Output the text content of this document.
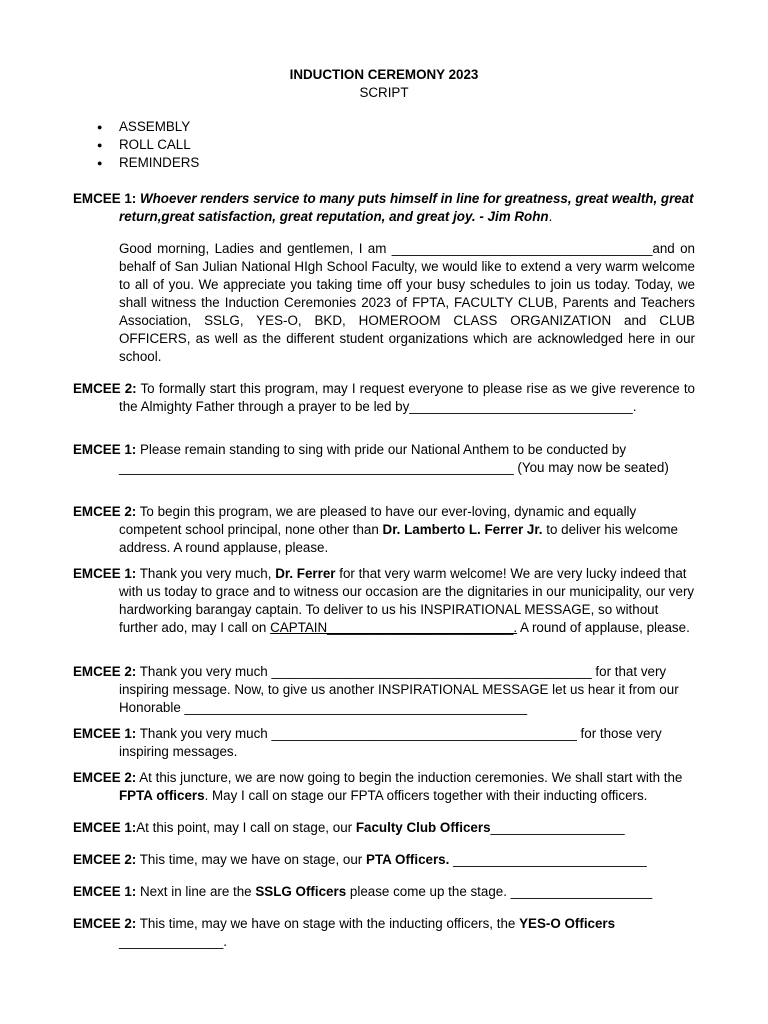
INDUCTION CEREMONY 2023

SCRIPT

● ASSEMBLY
● ROLL CALL
● REMINDERS

EMCEE 1: Whoever renders service to many puts himself in line for greatness, great wealth, great return,great satisfaction, great reputation, and great joy. - Jim Rohn.

Good morning, Ladies and gentlemen, I am ___________________________________and on behalf of San Julian National HIgh School Faculty, we would like to extend a very warm welcome to all of you. We appreciate you taking time off your busy schedules to join us today. Today, we shall witness the Induction Ceremonies 2023 of FPTA, FACULTY CLUB, Parents and Teachers Association, SSLG, YES-O, BKD, HOMEROOM CLASS ORGANIZATION and CLUB OFFICERS, as well as the different student organizations which are acknowledged here in our school.

EMCEE 2: To formally start this program, may I request everyone to please rise as we give reverence to the Almighty Father through a prayer to be led by______________________________.

EMCEE 1: Please remain standing to sing with pride our National Anthem to be conducted by _____________________________________________________ (You may now be seated)

EMCEE 2: To begin this program, we are pleased to have our ever-loving, dynamic and equally competent school principal, none other than Dr. Lamberto L. Ferrer Jr. to deliver his welcome address. A round applause, please.

EMCEE 1: Thank you very much, Dr. Ferrer for that very warm welcome! We are very lucky indeed that with us today to grace and to witness our occasion are the dignitaries in our municipality, our very hardworking barangay captain. To deliver to us his INSPIRATIONAL MESSAGE, so without further ado, may I call on CAPTAIN_________________________. A round of applause, please.

EMCEE 2: Thank you very much ___________________________________________ for that very inspiring message. Now, to give us another INSPIRATIONAL MESSAGE let us hear it from our Honorable ______________________________________________

EMCEE 1: Thank you very much _________________________________________ for those very inspiring messages.

EMCEE 2: At this juncture, we are now going to begin the induction ceremonies. We shall start with the FPTA officers. May I call on stage our FPTA officers together with their inducting officers.

EMCEE 1:At this point, may I call on stage, our Faculty Club Officers__________________

EMCEE 2: This time, may we have on stage, our PTA Officers. __________________________

EMCEE 1: Next in line are the SSLG Officers please come up the stage. ___________________

EMCEE 2: This time, may we have on stage with the inducting officers, the YES-O Officers ______________.
